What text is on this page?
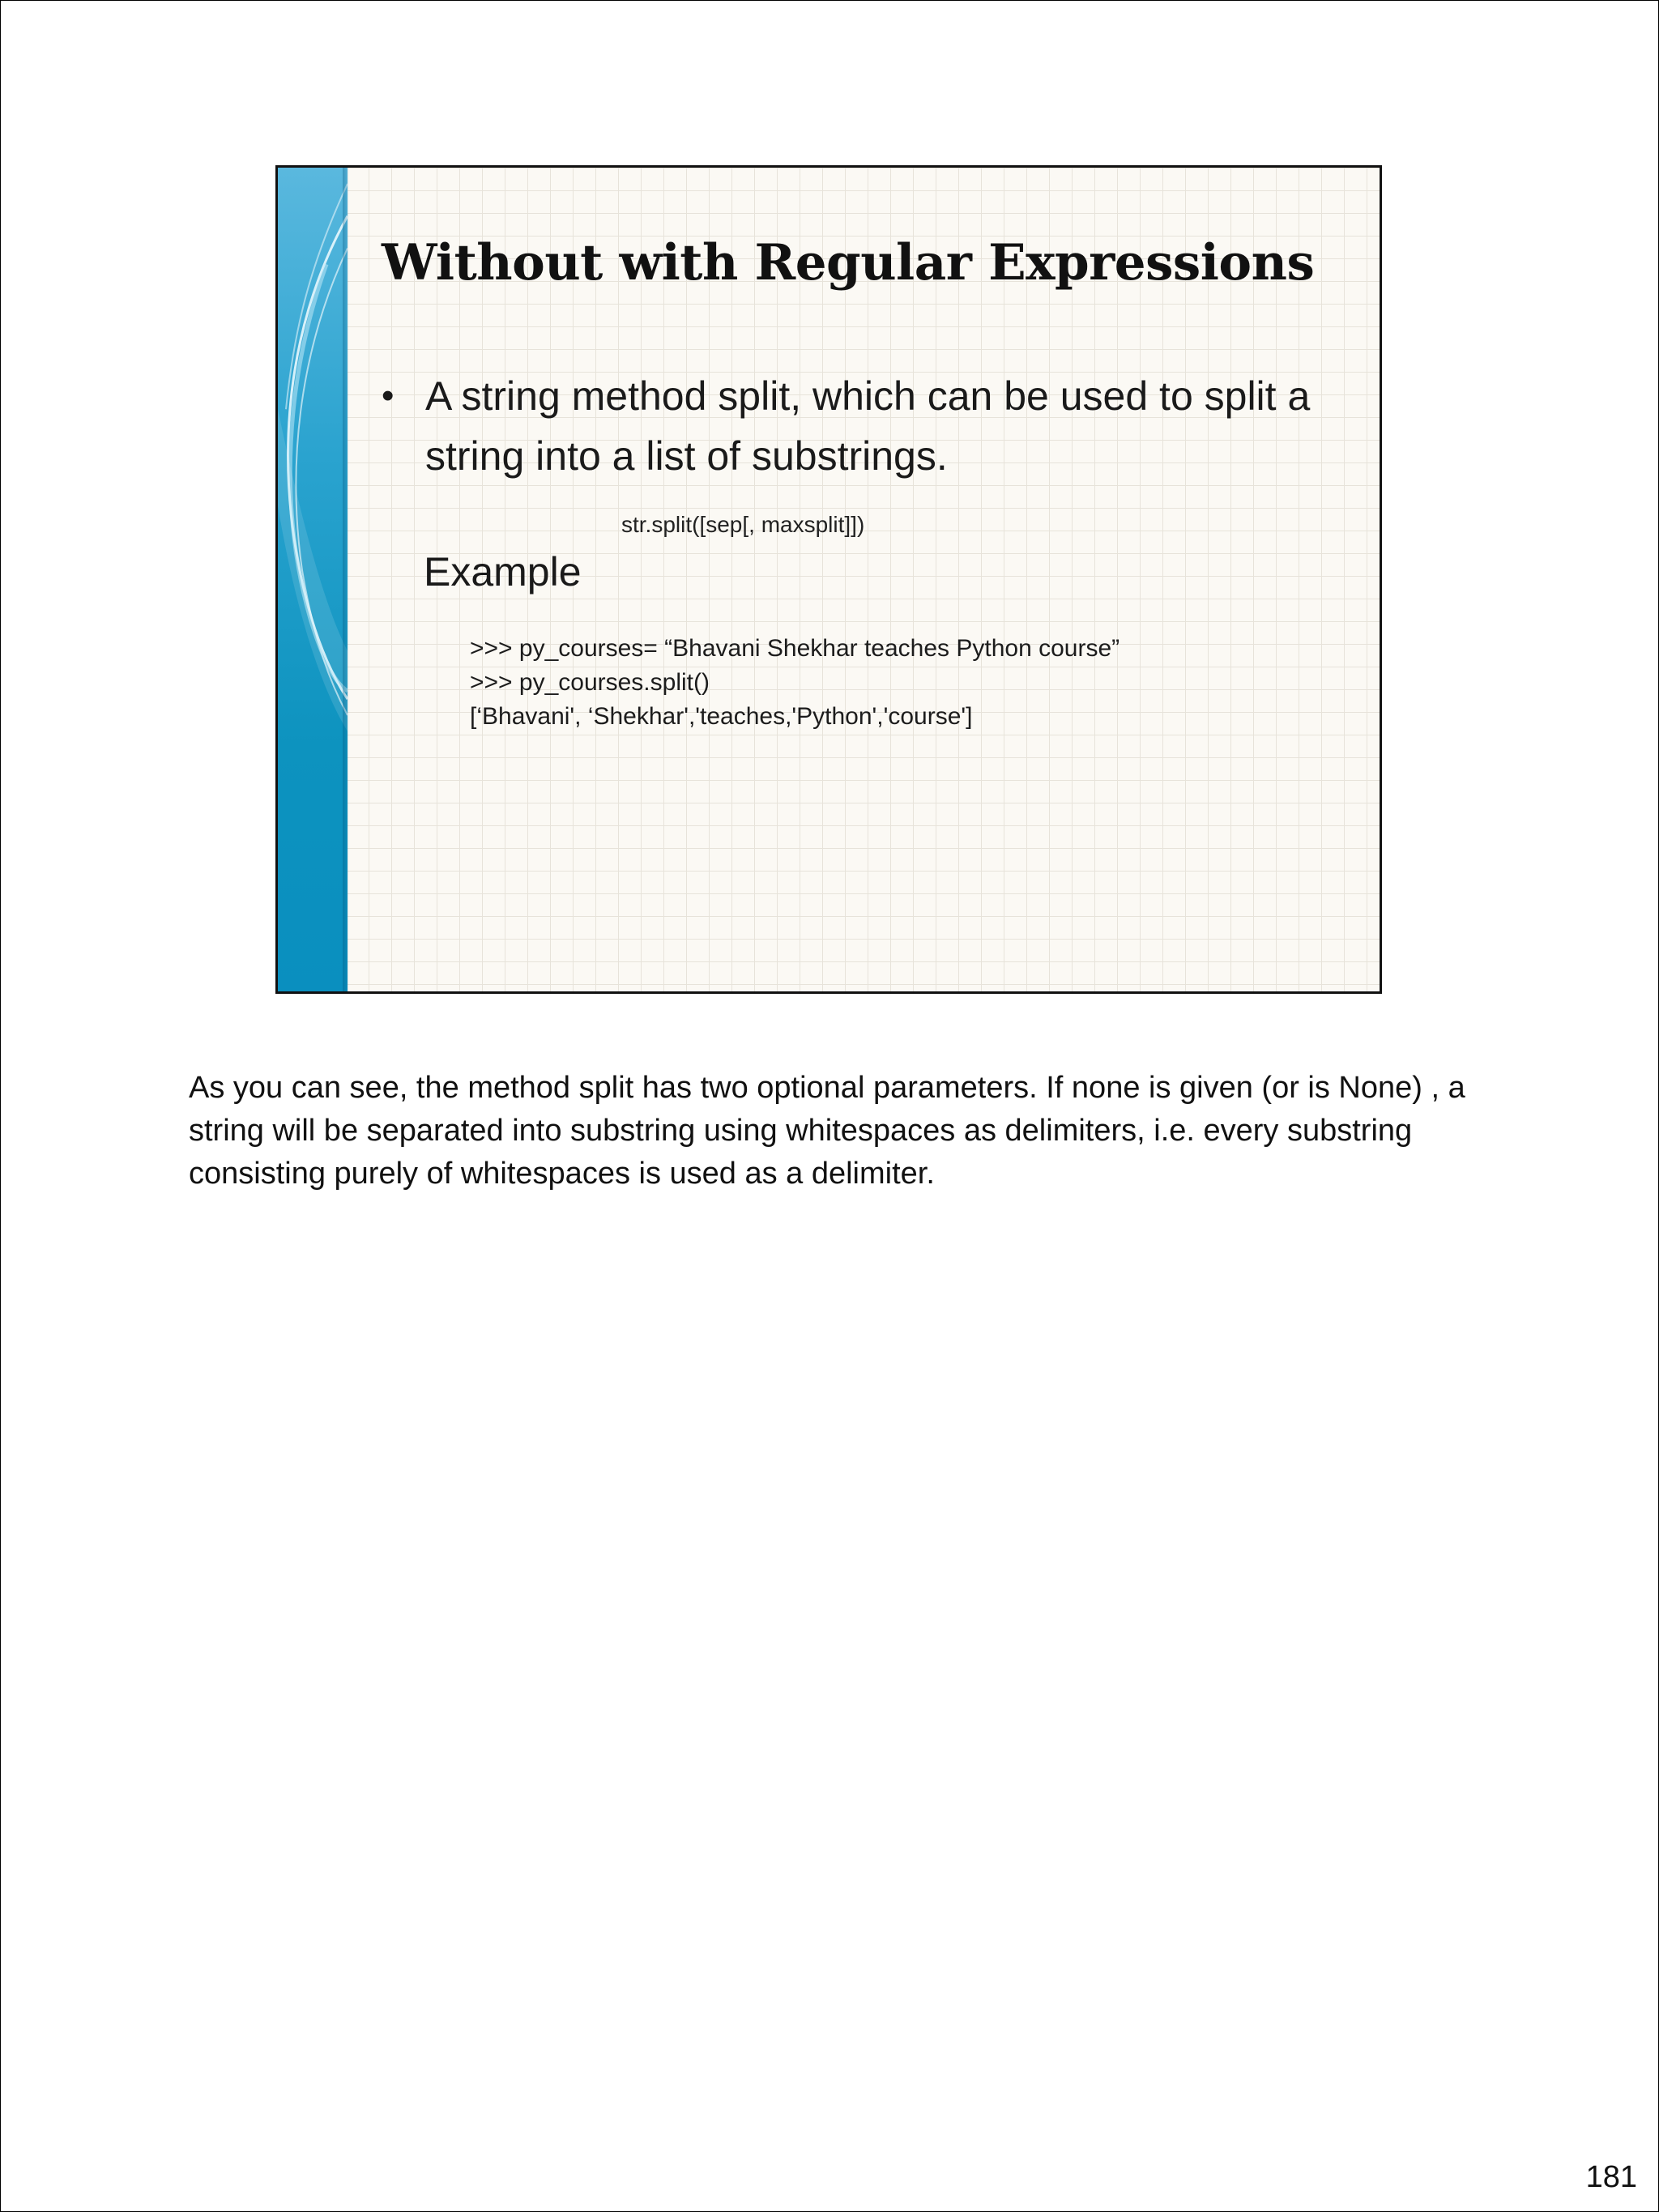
Without with Regular Expressions
• A string method split, which can be used to split a string into a list of substrings.
str.split([sep[, maxsplit]])
Example
>>> py_courses= “Bhavani Shekhar teaches Python course”
>>> py_courses.split()
[‘Bhavani', ‘Shekhar','teaches,'Python','course']

As you can see, the method split has two optional parameters. If none is given (or is None) , a string will be separated into substring using whitespaces as delimiters, i.e. every substring consisting purely of whitespaces is used as a delimiter.

181
